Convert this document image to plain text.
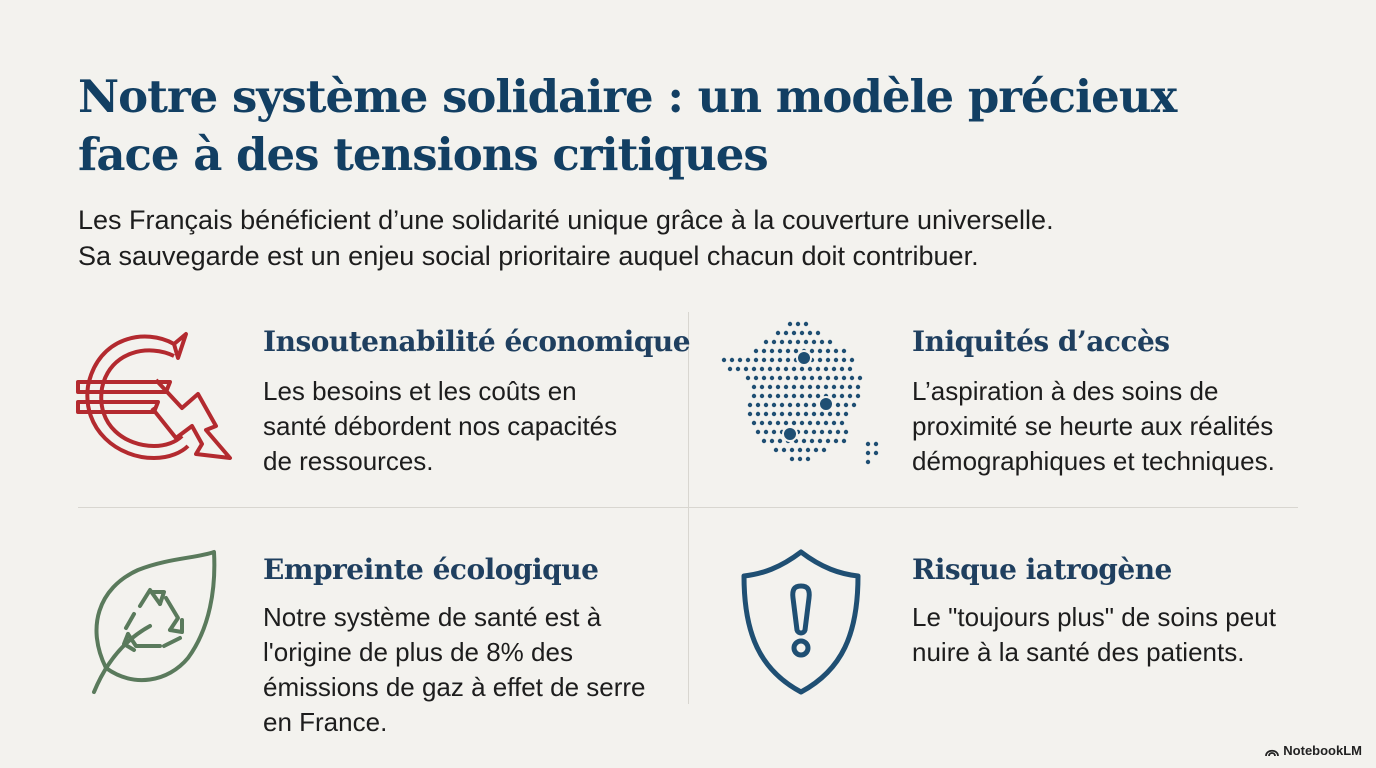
Notre système solidaire : un modèle précieux
face à des tensions critiques

Les Français bénéficient d’une solidarité unique grâce à la couverture universelle.
Sa sauvegarde est un enjeu social prioritaire auquel chacun doit contribuer.

Insoutenabilité économique

Les besoins et les coûts en
santé débordent nos capacités
de ressources.

Iniquités d’accès

L’aspiration à des soins de
proximité se heurte aux réalités
démographiques et techniques.

Empreinte écologique

Notre système de santé est à
l'origine de plus de 8% des
émissions de gaz à effet de serre
en France.

Risque iatrogène

Le "toujours plus" de soins peut
nuire à la santé des patients.

NotebookLM
